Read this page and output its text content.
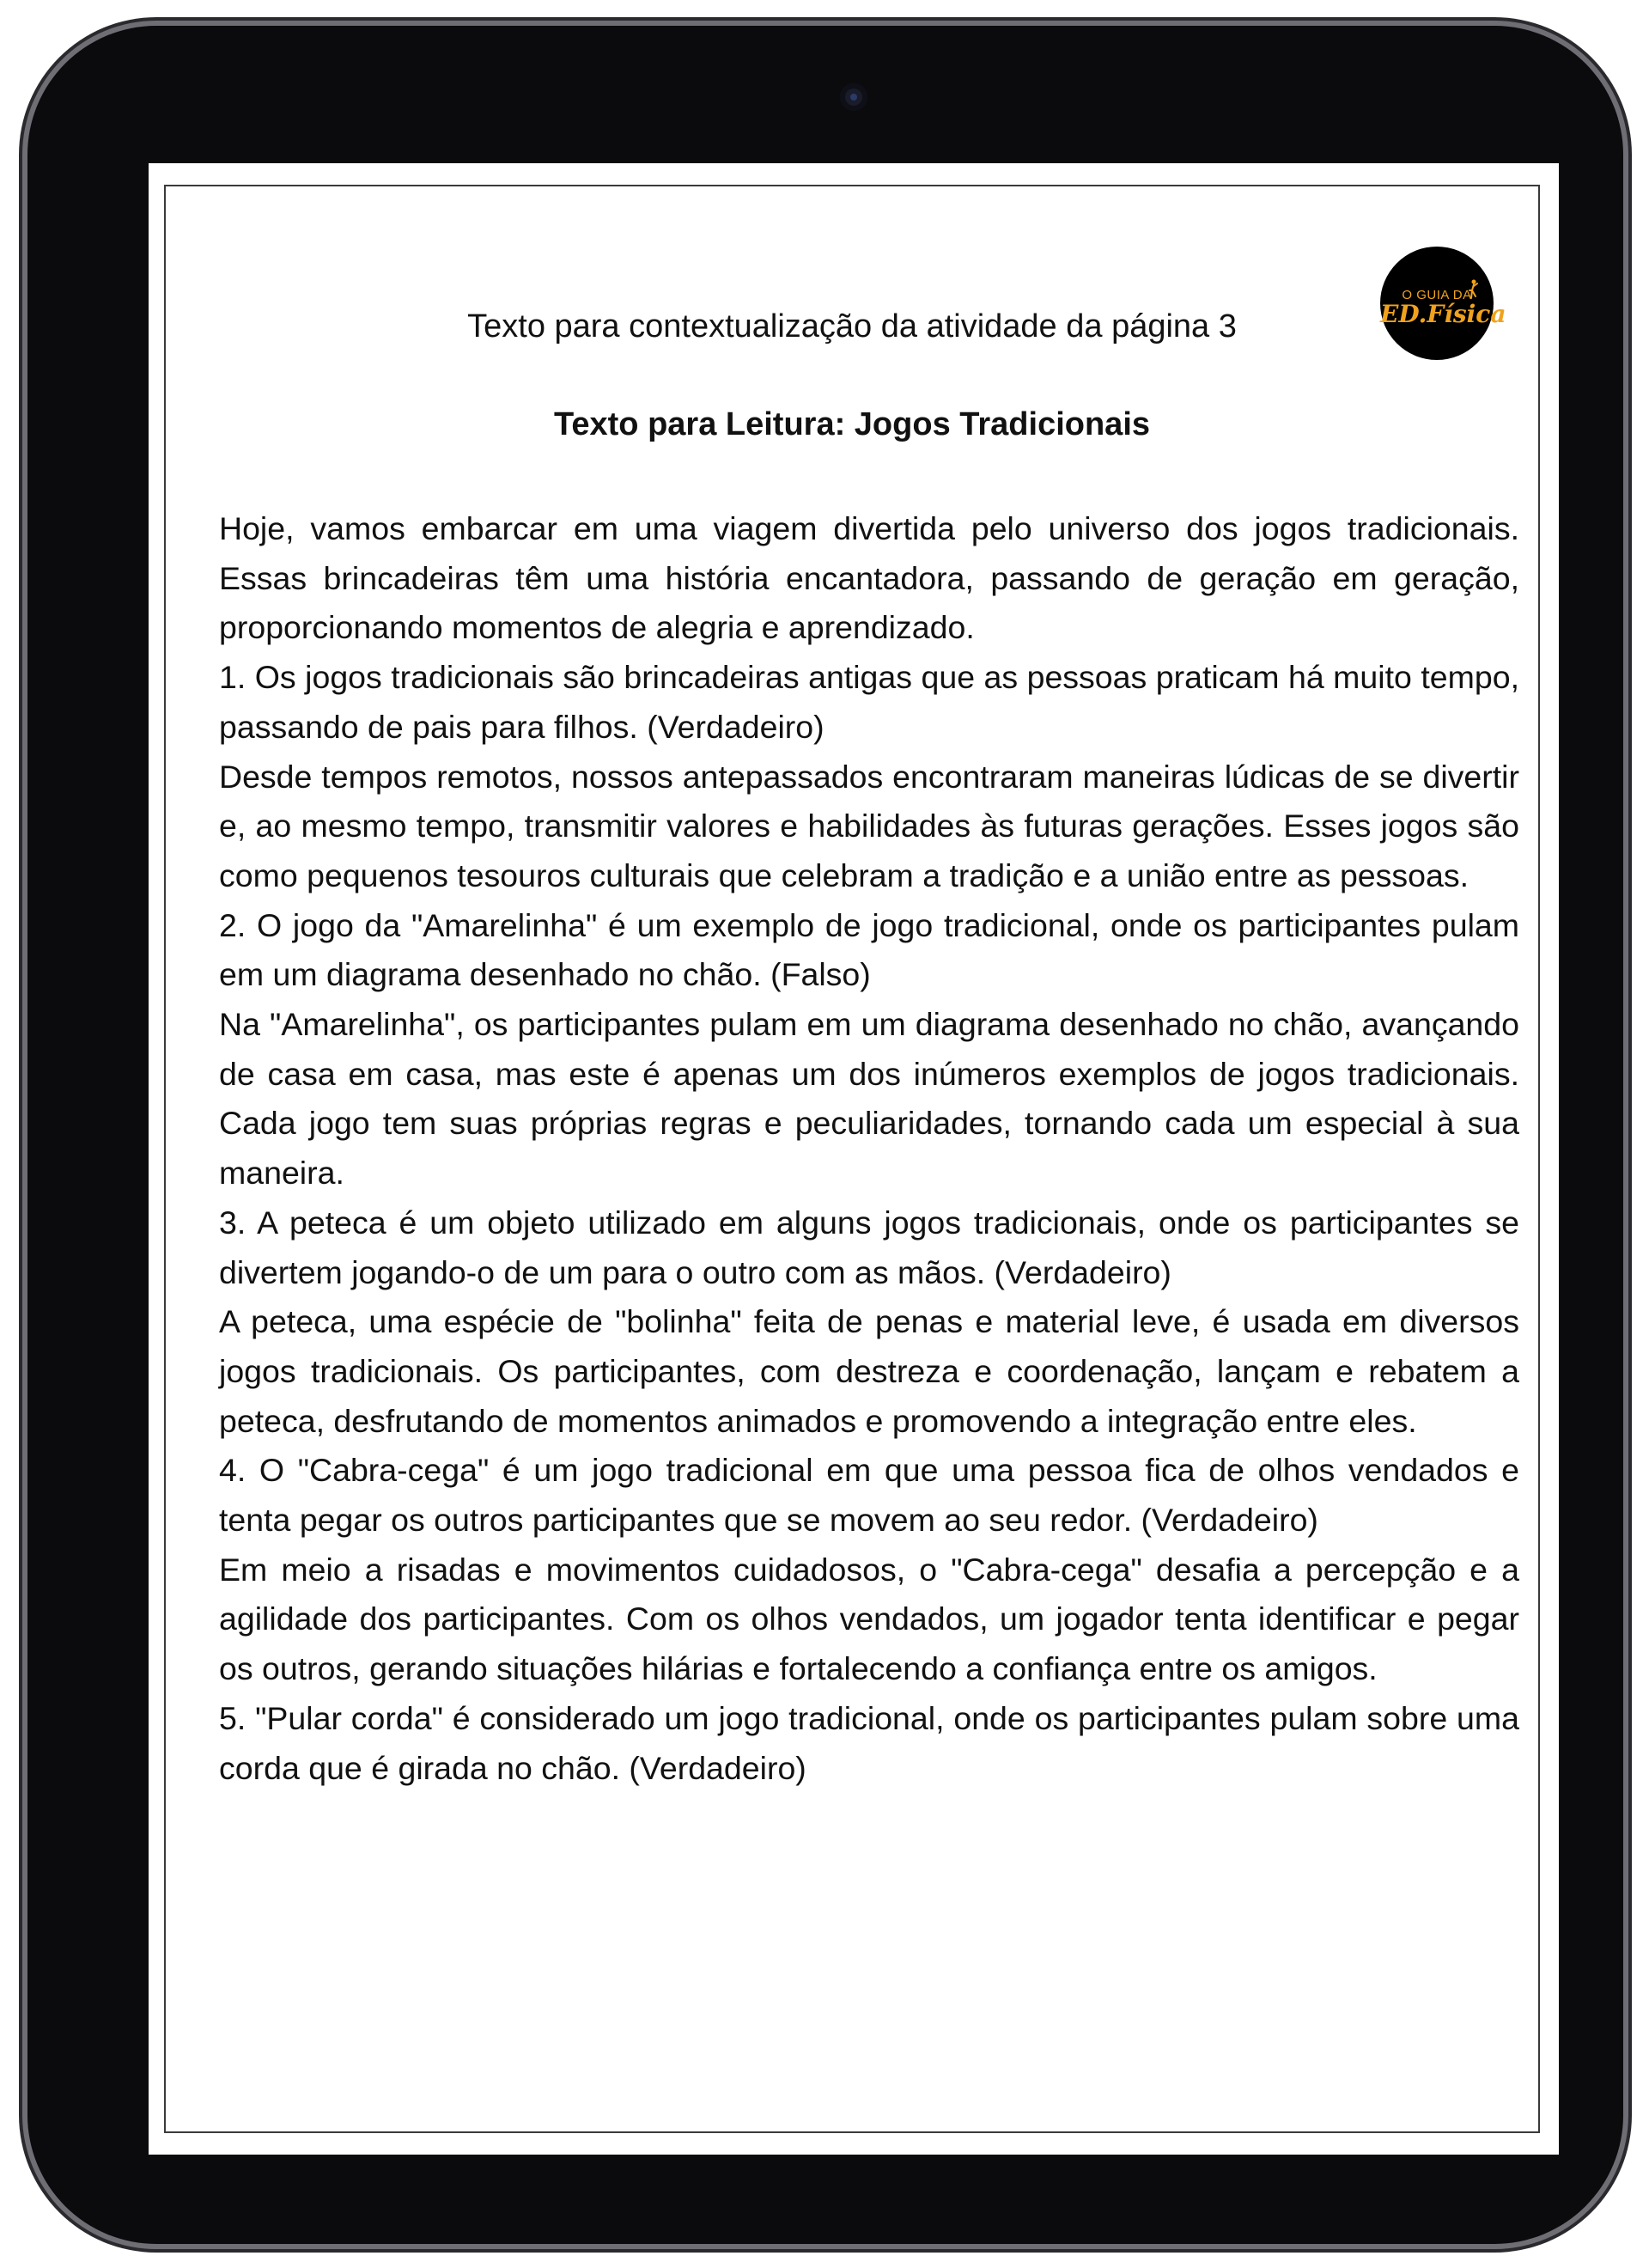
Texto para contextualização da atividade da página 3
O GUIA DA
ED.Física
Texto para Leitura: Jogos Tradicionais

Hoje, vamos embarcar em uma viagem divertida pelo universo dos jogos tradicionais. Essas brincadeiras têm uma história encantadora, passando de geração em geração, proporcionando momentos de alegria e aprendizado.

1. Os jogos tradicionais são brincadeiras antigas que as pessoas praticam há muito tempo, passando de pais para filhos. (Verdadeiro)

Desde tempos remotos, nossos antepassados encontraram maneiras lúdicas de se divertir e, ao mesmo tempo, transmitir valores e habilidades às futuras gerações. Esses jogos são como pequenos tesouros culturais que celebram a tradição e a união entre as pessoas.

2. O jogo da "Amarelinha" é um exemplo de jogo tradicional, onde os participantes pulam em um diagrama desenhado no chão. (Falso)

Na "Amarelinha", os participantes pulam em um diagrama desenhado no chão, avançando de casa em casa, mas este é apenas um dos inúmeros exemplos de jogos tradicionais. Cada jogo tem suas próprias regras e peculiaridades, tornando cada um especial à sua maneira.

3. A peteca é um objeto utilizado em alguns jogos tradicionais, onde os participantes se divertem jogando-o de um para o outro com as mãos. (Verdadeiro)

A peteca, uma espécie de "bolinha" feita de penas e material leve, é usada em diversos jogos tradicionais. Os participantes, com destreza e coordenação, lançam e rebatem a peteca, desfrutando de momentos animados e promovendo a integração entre eles.

4. O "Cabra-cega" é um jogo tradicional em que uma pessoa fica de olhos vendados e tenta pegar os outros participantes que se movem ao seu redor. (Verdadeiro)

Em meio a risadas e movimentos cuidadosos, o "Cabra-cega" desafia a percepção e a agilidade dos participantes. Com os olhos vendados, um jogador tenta identificar e pegar os outros, gerando situações hilárias e fortalecendo a confiança entre os amigos.

5. "Pular corda" é considerado um jogo tradicional, onde os participantes pulam sobre uma corda que é girada no chão. (Verdadeiro)
